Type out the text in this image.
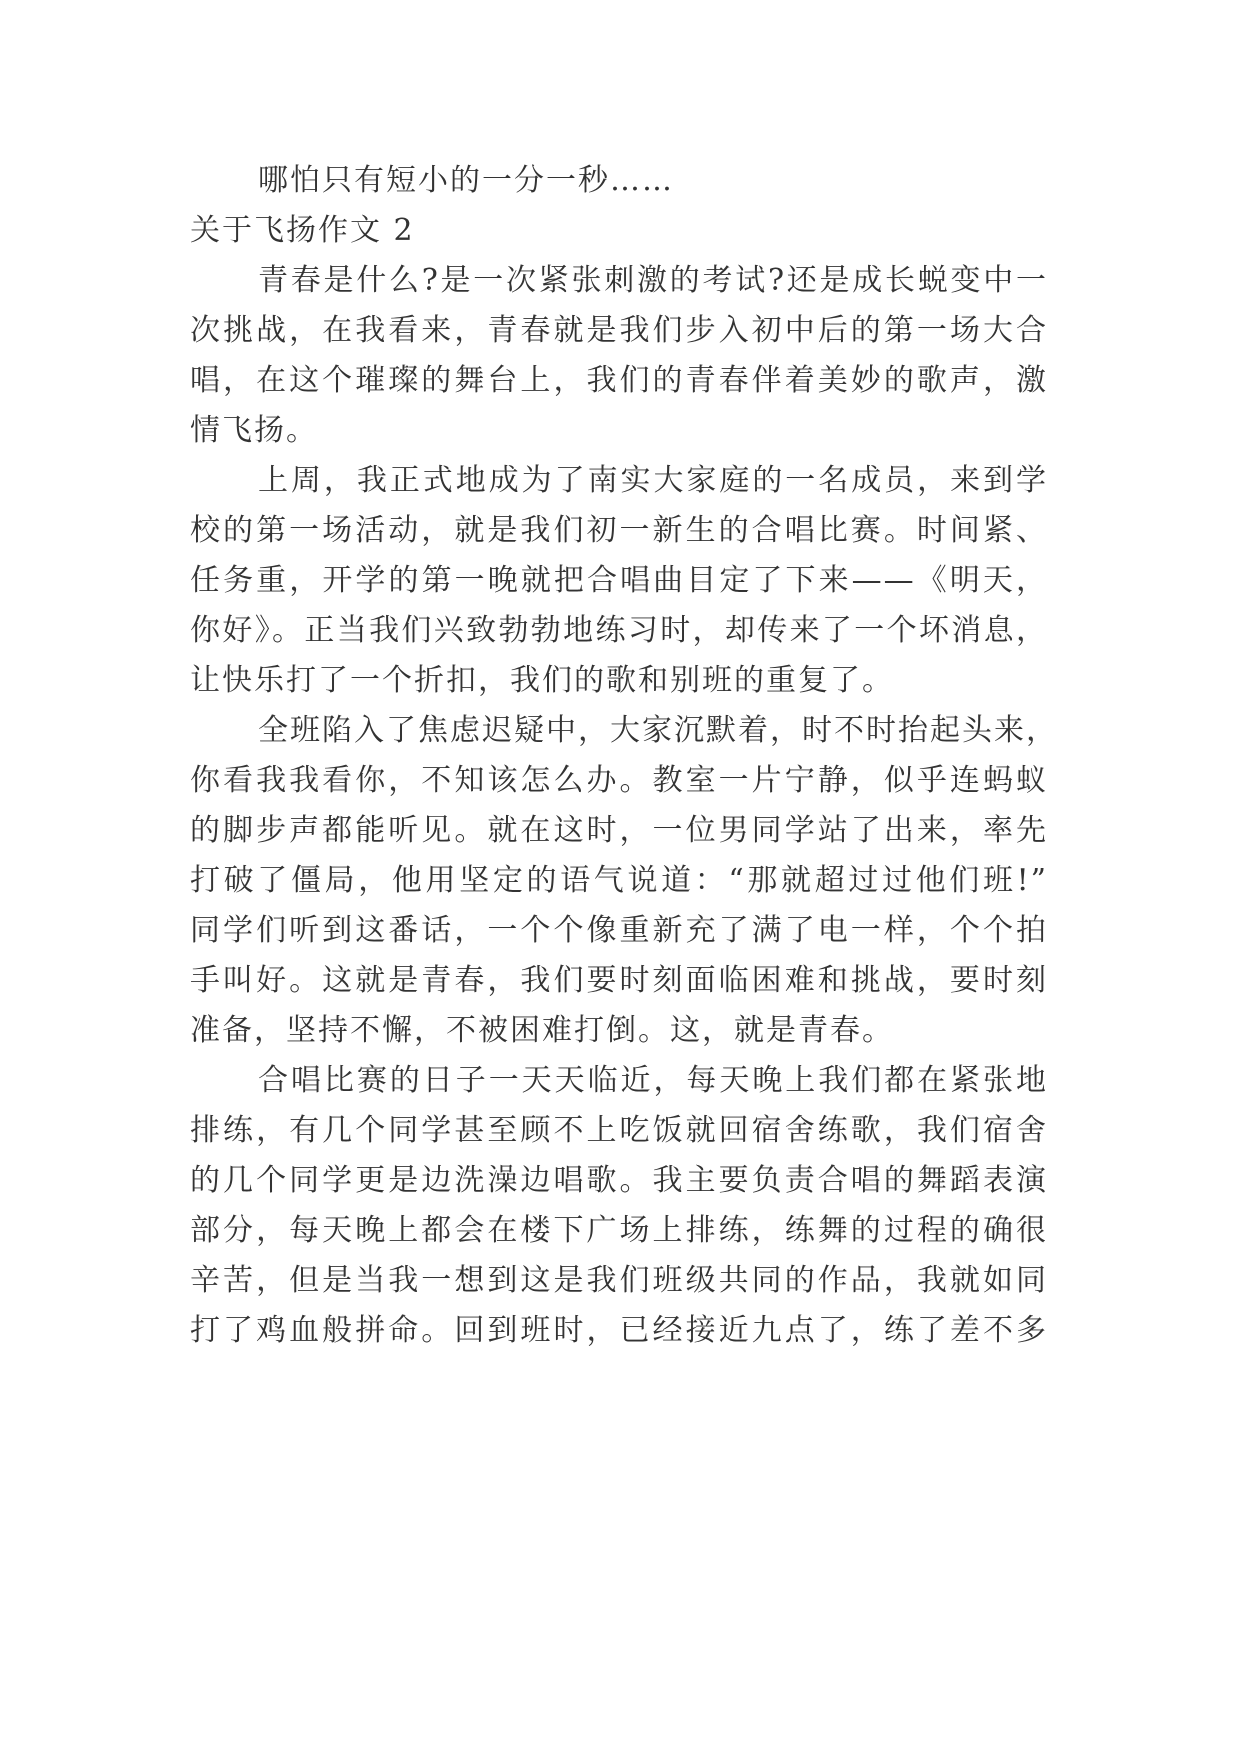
哪怕只有短小的一分一秒……

关于飞扬作文 2

青春是什么?是一次紧张刺激的考试?还是成长蜕变中一

次挑战，在我看来，青春就是我们步入初中后的第一场大合

唱，在这个璀璨的舞台上，我们的青春伴着美妙的歌声，激

情飞扬。

上周，我正式地成为了南实大家庭的一名成员，来到学

校的第一场活动，就是我们初一新生的合唱比赛。时间紧、

任务重，开学的第一晚就把合唱曲目定了下来——《明天，

你好》。正当我们兴致勃勃地练习时，却传来了一个坏消息，

让快乐打了一个折扣，我们的歌和别班的重复了。

全班陷入了焦虑迟疑中，大家沉默着，时不时抬起头来，

你看我我看你，不知该怎么办。教室一片宁静，似乎连蚂蚁

的脚步声都能听见。就在这时，一位男同学站了出来，率先

打破了僵局，他用坚定的语气说道：“那就超过过他们班!”

同学们听到这番话，一个个像重新充了满了电一样，个个拍

手叫好。这就是青春，我们要时刻面临困难和挑战，要时刻

准备，坚持不懈，不被困难打倒。这，就是青春。

合唱比赛的日子一天天临近，每天晚上我们都在紧张地

排练，有几个同学甚至顾不上吃饭就回宿舍练歌，我们宿舍

的几个同学更是边洗澡边唱歌。我主要负责合唱的舞蹈表演

部分，每天晚上都会在楼下广场上排练，练舞的过程的确很

辛苦，但是当我一想到这是我们班级共同的作品，我就如同

打了鸡血般拼命。回到班时，已经接近九点了，练了差不多
